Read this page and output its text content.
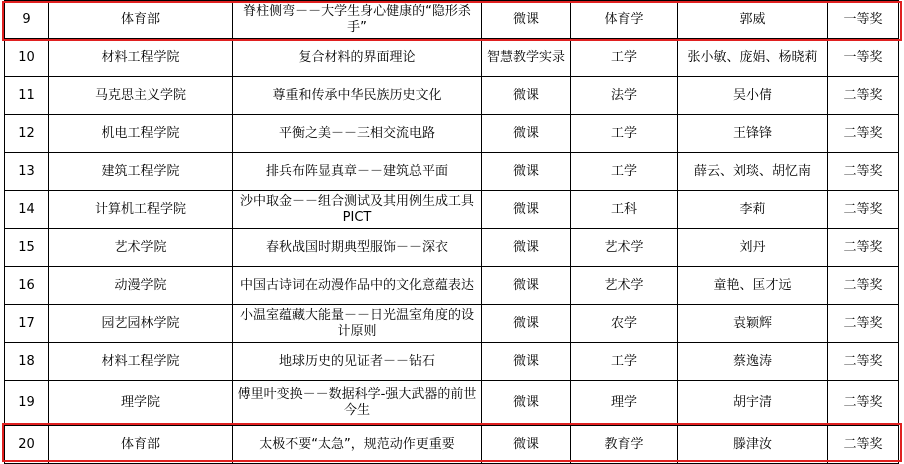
9	体育部	脊柱侧弯－－大学生身心健康的“隐形杀手”	微课	体育学	郭威	一等奖
10	材料工程学院	复合材料的界面理论	智慧教学实录	工学	张小敏、庞娟、杨晓莉	一等奖
11	马克思主义学院	尊重和传承中华民族历史文化	微课	法学	吴小倩	二等奖
12	机电工程学院	平衡之美－－三相交流电路	微课	工学	王锋锋	二等奖
13	建筑工程学院	排兵布阵显真章－－建筑总平面	微课	工学	薛云、刘琰、胡忆南	二等奖
14	计算机工程学院	沙中取金－－组合测试及其用例生成工具PICT	微课	工科	李莉	二等奖
15	艺术学院	春秋战国时期典型服饰－－深衣	微课	艺术学	刘丹	二等奖
16	动漫学院	中国古诗词在动漫作品中的文化意蕴表达	微课	艺术学	童艳、匡才远	二等奖
17	园艺园林学院	小温室蕴藏大能量－－日光温室角度的设计原则	微课	农学	袁颖辉	二等奖
18	材料工程学院	地球历史的见证者－－钻石	微课	工学	蔡逸涛	二等奖
19	理学院	傅里叶变换－－数据科学-强大武器的前世今生	微课	理学	胡宇清	二等奖
20	体育部	太极不要“太急”，规范动作更重要	微课	教育学	滕津汝	二等奖
